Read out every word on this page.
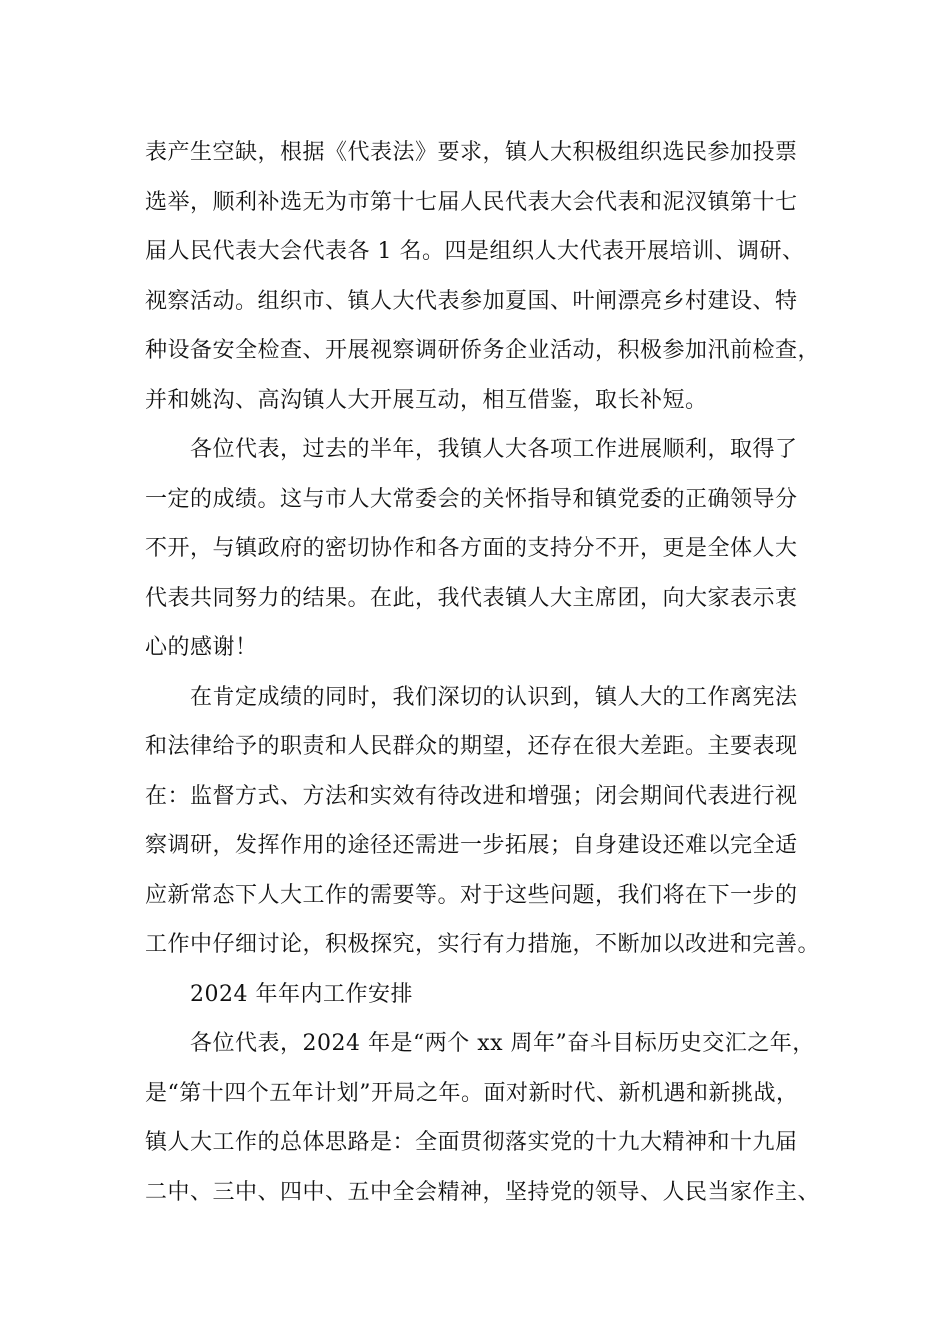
表产生空缺，根据《代表法》要求，镇人大积极组织选民参加投票
选举，顺利补选无为市第十七届人民代表大会代表和泥汊镇第十七
届人民代表大会代表各 1 名。四是组织人大代表开展培训、调研、
视察活动。组织市、镇人大代表参加夏国、叶闸漂亮乡村建设、特
种设备安全检查、开展视察调研侨务企业活动，积极参加汛前检查，
并和姚沟、高沟镇人大开展互动，相互借鉴，取长补短。
各位代表，过去的半年，我镇人大各项工作进展顺利，取得了
一定的成绩。这与市人大常委会的关怀指导和镇党委的正确领导分
不开，与镇政府的密切协作和各方面的支持分不开，更是全体人大
代表共同努力的结果。在此，我代表镇人大主席团，向大家表示衷
心的感谢！
在肯定成绩的同时，我们深切的认识到，镇人大的工作离宪法
和法律给予的职责和人民群众的期望，还存在很大差距。主要表现
在：监督方式、方法和实效有待改进和增强；闭会期间代表进行视
察调研，发挥作用的途径还需进一步拓展；自身建设还难以完全适
应新常态下人大工作的需要等。对于这些问题，我们将在下一步的
工作中仔细讨论，积极探究，实行有力措施，不断加以改进和完善。
2024 年年内工作安排
各位代表，2024 年是“两个 xx 周年”奋斗目标历史交汇之年，
是“第十四个五年计划”开局之年。面对新时代、新机遇和新挑战，
镇人大工作的总体思路是：全面贯彻落实党的十九大精神和十九届
二中、三中、四中、五中全会精神，坚持党的领导、人民当家作主、
